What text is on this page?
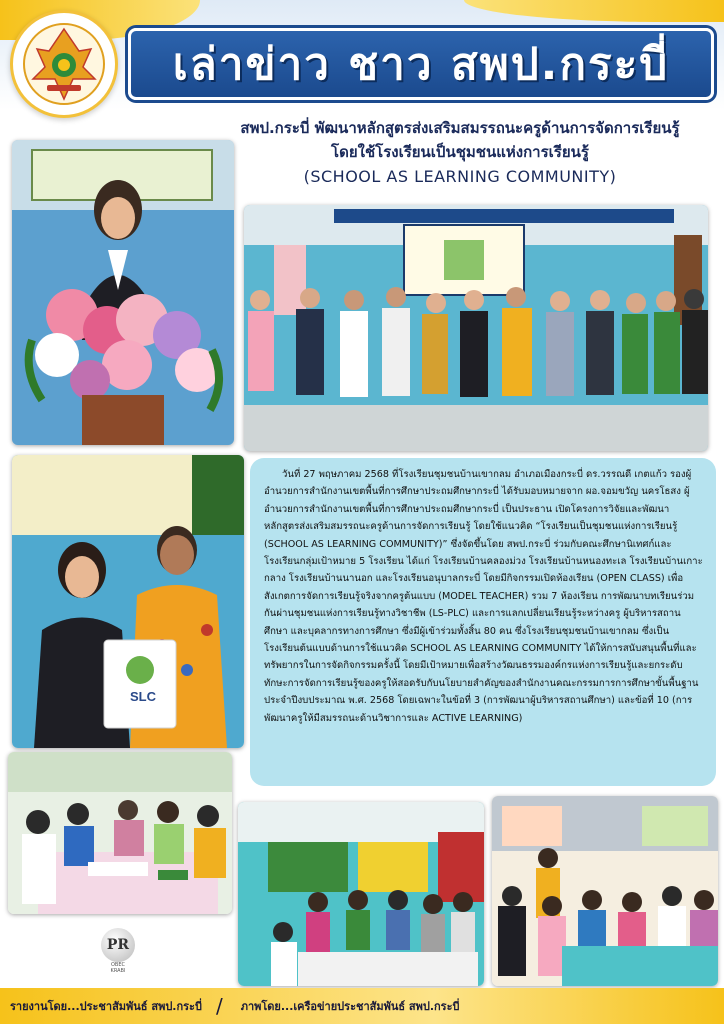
เล่าข่าว ชาว สพป.กระบี่
สพป.กระบี่ พัฒนาหลักสูตรส่งเสริมสมรรถนะครูด้านการจัดการเรียนรู้
โดยใช้โรงเรียนเป็นชุมชนแห่งการเรียนรู้
(SCHOOL AS LEARNING COMMUNITY)
SLC

วันที่ 27 พฤษภาคม 2568 ที่โรงเรียนชุมชนบ้านเขากลม อำเภอเมืองกระบี่ ดร.วรรณดี เกตแก้ว รองผู้อำนวยการสำนักงานเขตพื้นที่การศึกษาประถมศึกษากระบี่ ได้รับมอบหมายจาก ผอ.จอมขวัญ นครโธสง ผู้อำนวยการสำนักงานเขตพื้นที่การศึกษาประถมศึกษากระบี่ เป็นประธาน เปิดโครงการวิจัยและพัฒนาหลักสูตรส่งเสริมสมรรถนะครูด้านการจัดการเรียนรู้ โดยใช้แนวคิด “โรงเรียนเป็นชุมชนแห่งการเรียนรู้ (SCHOOL AS LEARNING COMMUNITY)” ซึ่งจัดขึ้นโดย สพป.กระบี่ ร่วมกับคณะศึกษานิเทศก์และโรงเรียนกลุ่มเป้าหมาย 5 โรงเรียน ได้แก่ โรงเรียนบ้านคลองม่วง โรงเรียนบ้านหนองทะเล โรงเรียนบ้านเกาะกลาง โรงเรียนบ้านนานอก และโรงเรียนอนุบาลกระบี่ โดยมีกิจกรรมเปิดห้องเรียน (OPEN CLASS) เพื่อสังเกตการจัดการเรียนรู้จริงจากครูต้นแบบ (MODEL TEACHER) รวม 7 ห้องเรียน การพัฒนาบทเรียนร่วมกันผ่านชุมชนแห่งการเรียนรู้ทางวิชาชีพ (LS-PLC) และการแลกเปลี่ยนเรียนรู้ระหว่างครู ผู้บริหารสถานศึกษา และบุคลากรทางการศึกษา ซึ่งมีผู้เข้าร่วมทั้งสิ้น 80 คน ซึ่งโรงเรียนชุมชนบ้านเขากลม ซึ่งเป็นโรงเรียนต้นแบบด้านการใช้แนวคิด SCHOOL AS LEARNING COMMUNITY ได้ให้การสนับสนุนพื้นที่และทรัพยากรในการจัดกิจกรรมครั้งนี้ โดยมีเป้าหมายเพื่อสร้างวัฒนธรรมองค์กรแห่งการเรียนรู้และยกระดับทักษะการจัดการเรียนรู้ของครูให้สอดรับกับนโยบายสำคัญของสำนักงานคณะกรรมการการศึกษาขั้นพื้นฐาน ประจำปีงบประมาณ พ.ศ. 2568 โดยเฉพาะในข้อที่ 3 (การพัฒนาผู้บริหารสถานศึกษา) และข้อที่ 10 (การพัฒนาครูให้มีสมรรถนะด้านวิชาการและ ACTIVE LEARNING)

PR
OBEC
KRABI
รายงานโดย...ประชาสัมพันธ์ สพป.กระบี่ / ภาพโดย...เครือข่ายประชาสัมพันธ์ สพป.กระบี่
